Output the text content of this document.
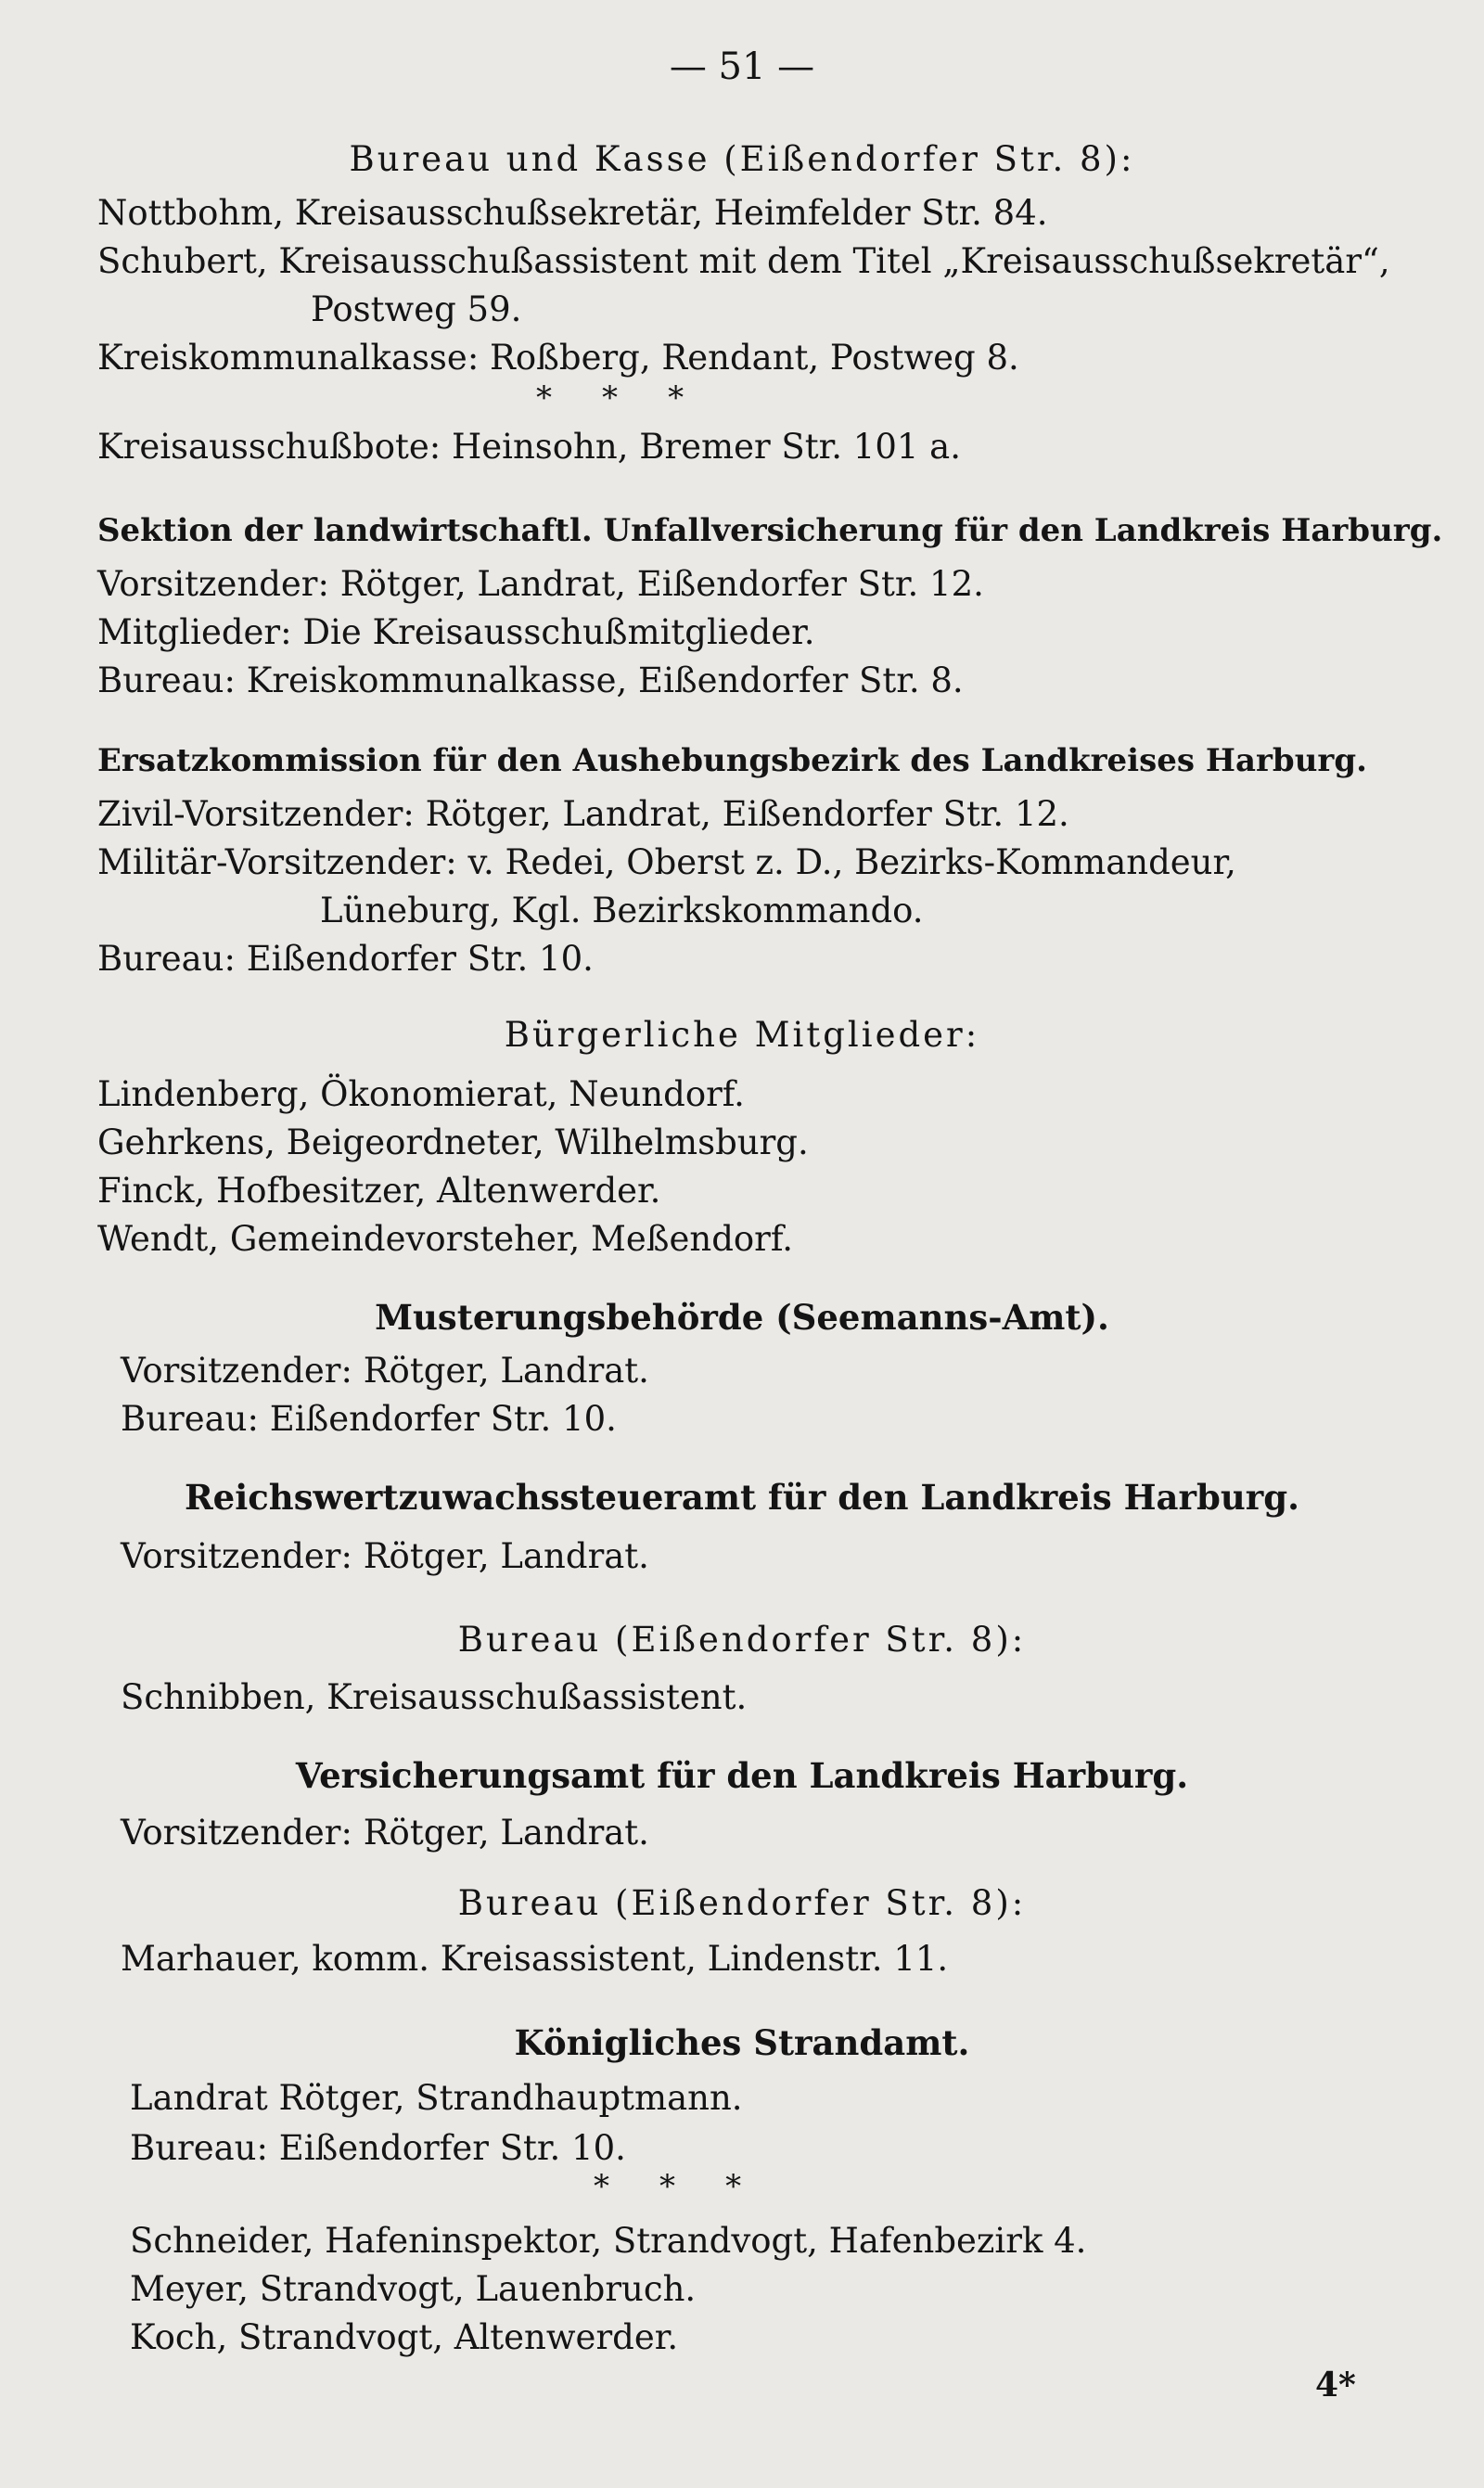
— 51 —
Bureau und Kasse (Eißendorfer Str. 8):
Nottbohm, Kreisausschußsekretär, Heimfelder Str. 84.
Schubert, Kreisausschußassistent mit dem Titel „Kreisausschußsekretär“,
Postweg 59.
Kreiskommunalkasse: Roßberg, Rendant, Postweg 8.
*     *     *
Kreisausschußbote: Heinsohn, Bremer Str. 101 a.
Sektion der landwirtschaftl. Unfallversicherung für den Landkreis Harburg.
Vorsitzender: Rötger, Landrat, Eißendorfer Str. 12.
Mitglieder: Die Kreisausschußmitglieder.
Bureau: Kreiskommunalkasse, Eißendorfer Str. 8.
Ersatzkommission für den Aushebungsbezirk des Landkreises Harburg.
Zivil-Vorsitzender: Rötger, Landrat, Eißendorfer Str. 12.
Militär-Vorsitzender: v. Redei, Oberst z. D., Bezirks-Kommandeur,
Lüneburg, Kgl. Bezirkskommando.
Bureau: Eißendorfer Str. 10.
Bürgerliche Mitglieder:
Lindenberg, Ökonomierat, Neundorf.
Gehrkens, Beigeordneter, Wilhelmsburg.
Finck, Hofbesitzer, Altenwerder.
Wendt, Gemeindevorsteher, Meßendorf.
Musterungsbehörde (Seemanns-Amt).
Vorsitzender: Rötger, Landrat.
Bureau: Eißendorfer Str. 10.
Reichswertzuwachssteueramt für den Landkreis Harburg.
Vorsitzender: Rötger, Landrat.
Bureau (Eißendorfer Str. 8):
Schnibben, Kreisausschußassistent.
Versicherungsamt für den Landkreis Harburg.
Vorsitzender: Rötger, Landrat.
Bureau (Eißendorfer Str. 8):
Marhauer, komm. Kreisassistent, Lindenstr. 11.
Königliches Strandamt.
Landrat Rötger, Strandhauptmann.
Bureau: Eißendorfer Str. 10.
*     *     *
Schneider, Hafeninspektor, Strandvogt, Hafenbezirk 4.
Meyer, Strandvogt, Lauenbruch.
Koch, Strandvogt, Altenwerder.
4*
